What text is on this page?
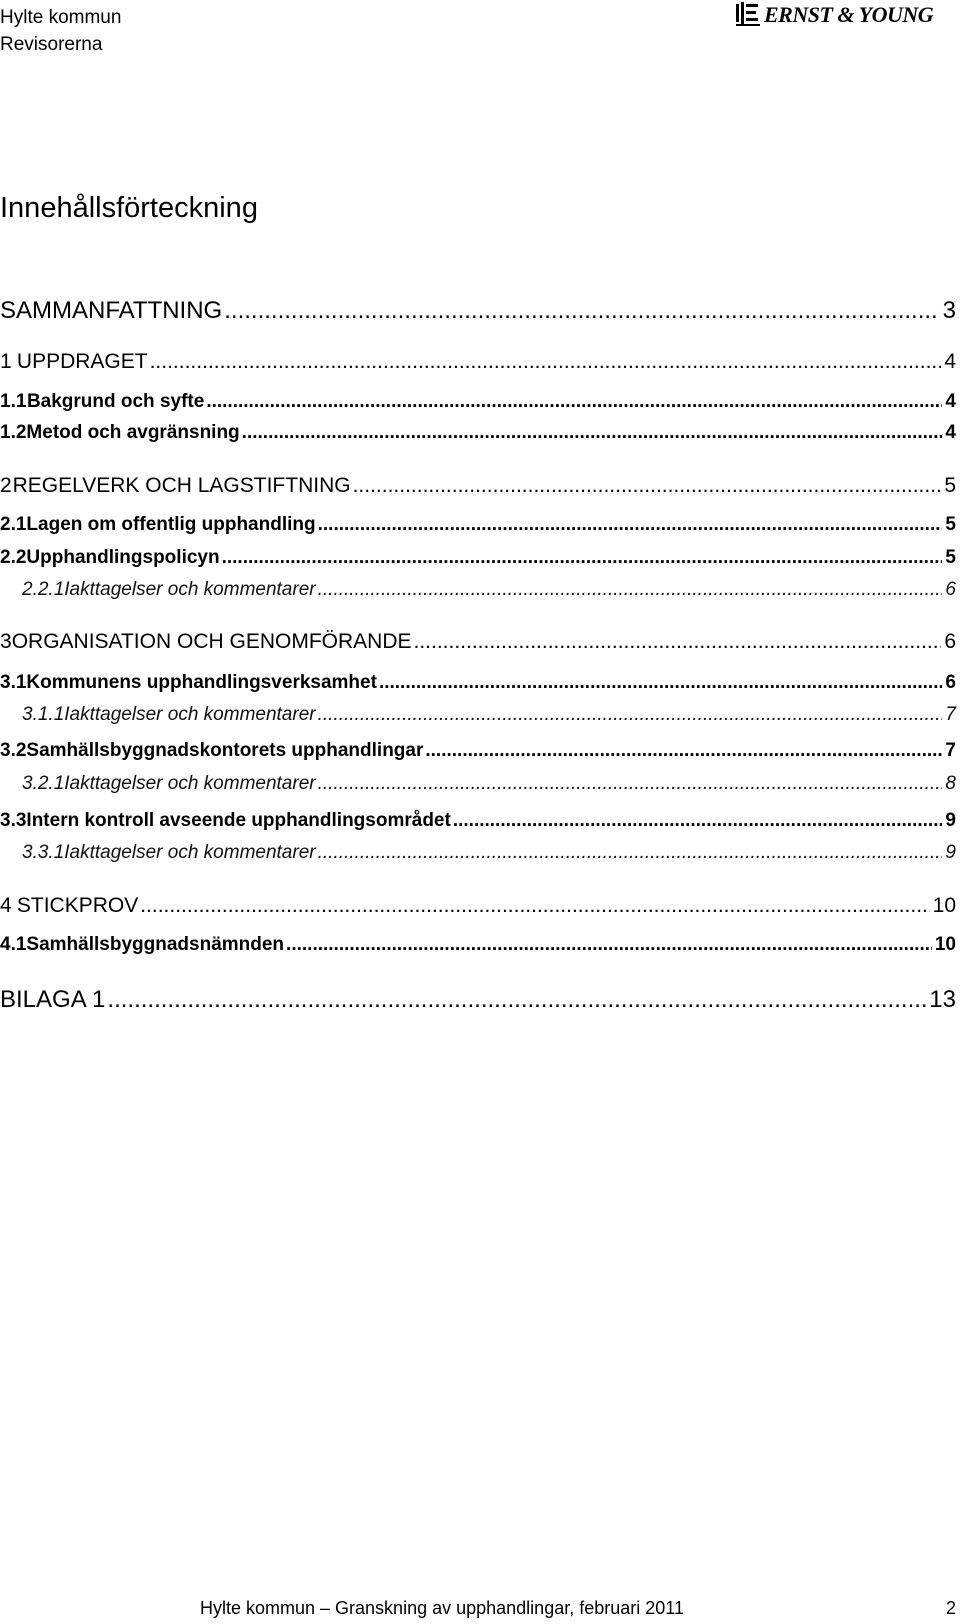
Hylte kommun
Revisorerna
ERNST & YOUNG
Innehållsförteckning
SAMMANFATTNING .....	3
1 UPPDRAGET .....	4
1.1 Bakgrund och syfte .....	4
1.2 Metod och avgränsning .....	4
2 REGELVERK OCH LAGSTIFTNING .....	5
2.1 Lagen om offentlig upphandling .....	5
2.2 Upphandlingspolicyn .....	5
2.2.1 Iakttagelser och kommentarer .....	6
3 ORGANISATION OCH GENOMFÖRANDE .....	6
3.1 Kommunens upphandlingsverksamhet .....	6
3.1.1 Iakttagelser och kommentarer .....	7
3.2 Samhällsbyggnadskontorets upphandlingar .....	7
3.2.1 Iakttagelser och kommentarer .....	8
3.3 Intern kontroll avseende upphandlingsområdet .....	9
3.3.1 Iakttagelser och kommentarer .....	9
4 STICKPROV .....	10
4.1 Samhällsbyggnadsnämnden .....	10
BILAGA 1 .....	13
Hylte kommun – Granskning av upphandlingar, februari 2011	2
